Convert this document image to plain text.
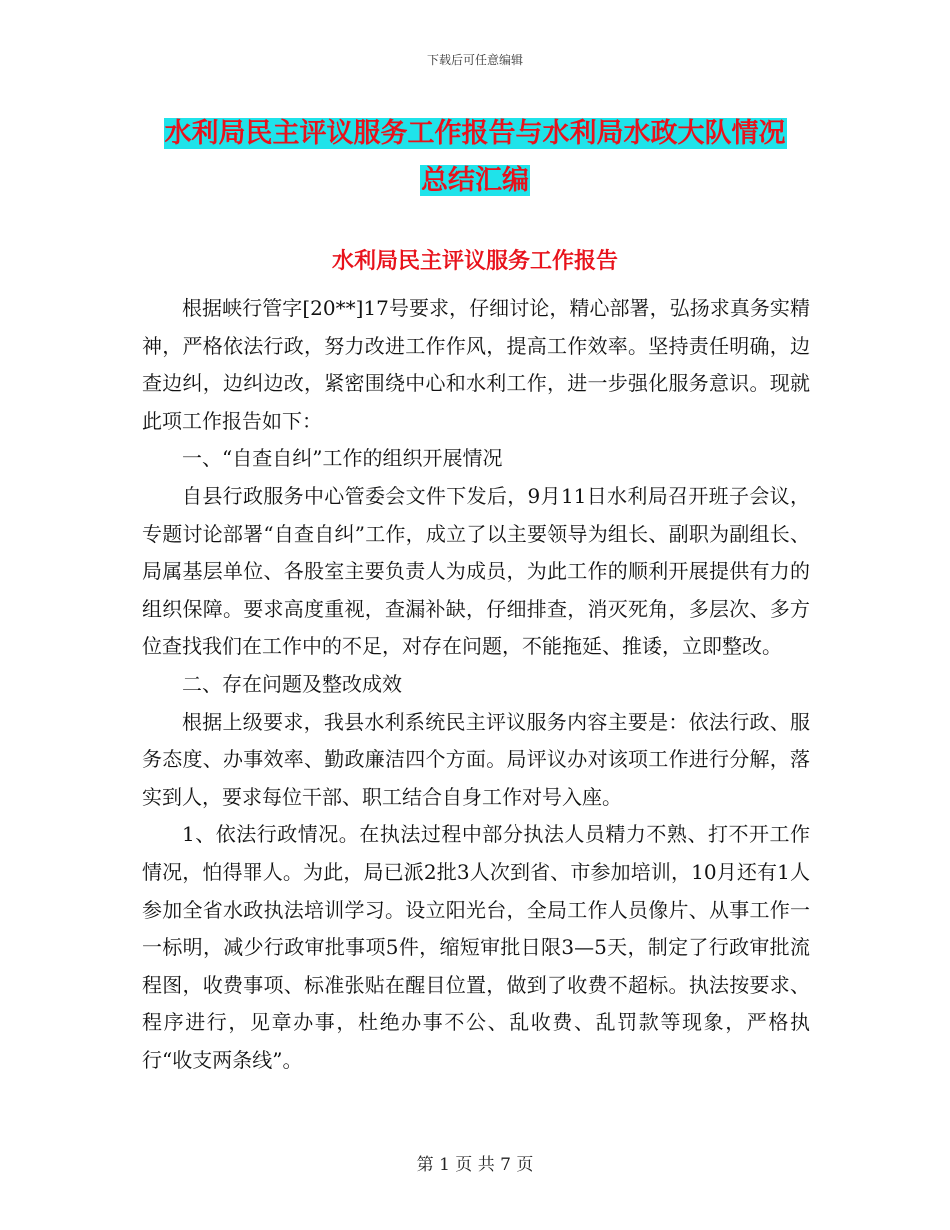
下载后可任意编辑
水利局民主评议服务工作报告与水利局水政大队情况
总结汇编
水利局民主评议服务工作报告

根据峡行管字[20**]17号要求，仔细讨论，精心部署，弘扬求真务实精神，严格依法行政，努力改进工作作风，提高工作效率。坚持责任明确，边查边纠，边纠边改，紧密围绕中心和水利工作，进一步强化服务意识。现就此项工作报告如下：

一、“自查自纠”工作的组织开展情况

自县行政服务中心管委会文件下发后，9月11日水利局召开班子会议，专题讨论部署“自查自纠”工作，成立了以主要领导为组长、副职为副组长、局属基层单位、各股室主要负责人为成员，为此工作的顺利开展提供有力的组织保障。要求高度重视，查漏补缺，仔细排查，消灭死角，多层次、多方位查找我们在工作中的不足，对存在问题，不能拖延、推诿，立即整改。

二、存在问题及整改成效

根据上级要求，我县水利系统民主评议服务内容主要是：依法行政、服务态度、办事效率、勤政廉洁四个方面。局评议办对该项工作进行分解，落实到人，要求每位干部、职工结合自身工作对号入座。

1、依法行政情况。在执法过程中部分执法人员精力不熟、打不开工作情况，怕得罪人。为此，局已派2批3人次到省、市参加培训，10月还有1人参加全省水政执法培训学习。设立阳光台，全局工作人员像片、从事工作一一标明，减少行政审批事项5件，缩短审批日限3—5天，制定了行政审批流程图，收费事项、标准张贴在醒目位置，做到了收费不超标。执法按要求、程序进行，见章办事，杜绝办事不公、乱收费、乱罚款等现象，严格执行“收支两条线”。

第 1 页 共 7 页
